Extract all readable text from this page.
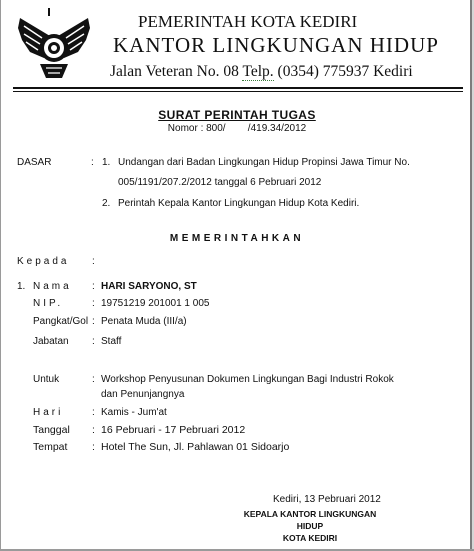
PEMERINTAH KOTA KEDIRI
KANTOR LINGKUNGAN HIDUP
Jalan Veteran No. 08 Telp. (0354) 775937 Kediri
SURAT PERINTAH TUGAS
Nomor : 800/        /419.34/2012
DASAR	: 1. Undangan dari Badan Lingkungan Hidup Propinsi Jawa Timur No.
005/1191/207.2/2012 tanggal 6 Pebruari 2012
2. Perintah Kepala Kantor Lingkungan Hidup Kota Kediri.
MEMERINTAHKAN
Kepada :
1. Nama : HARI SARYONO, ST
NIP.	: 19751219 201001 1 005
Pangkat/Gol : Penata Muda (III/a)
Jabatan : Staff
Untuk	: Workshop Penyusunan Dokumen Lingkungan Bagi Industri Rokok
dan Penunjangnya
Hari	: Kamis - Jum'at
Tanggal : 16 Pebruari - 17 Pebruari 2012
Tempat : Hotel The Sun, Jl. Pahlawan 01 Sidoarjo
Kediri, 13 Pebruari 2012
KEPALA KANTOR LINGKUNGAN
HIDUP
KOTA KEDIRI
